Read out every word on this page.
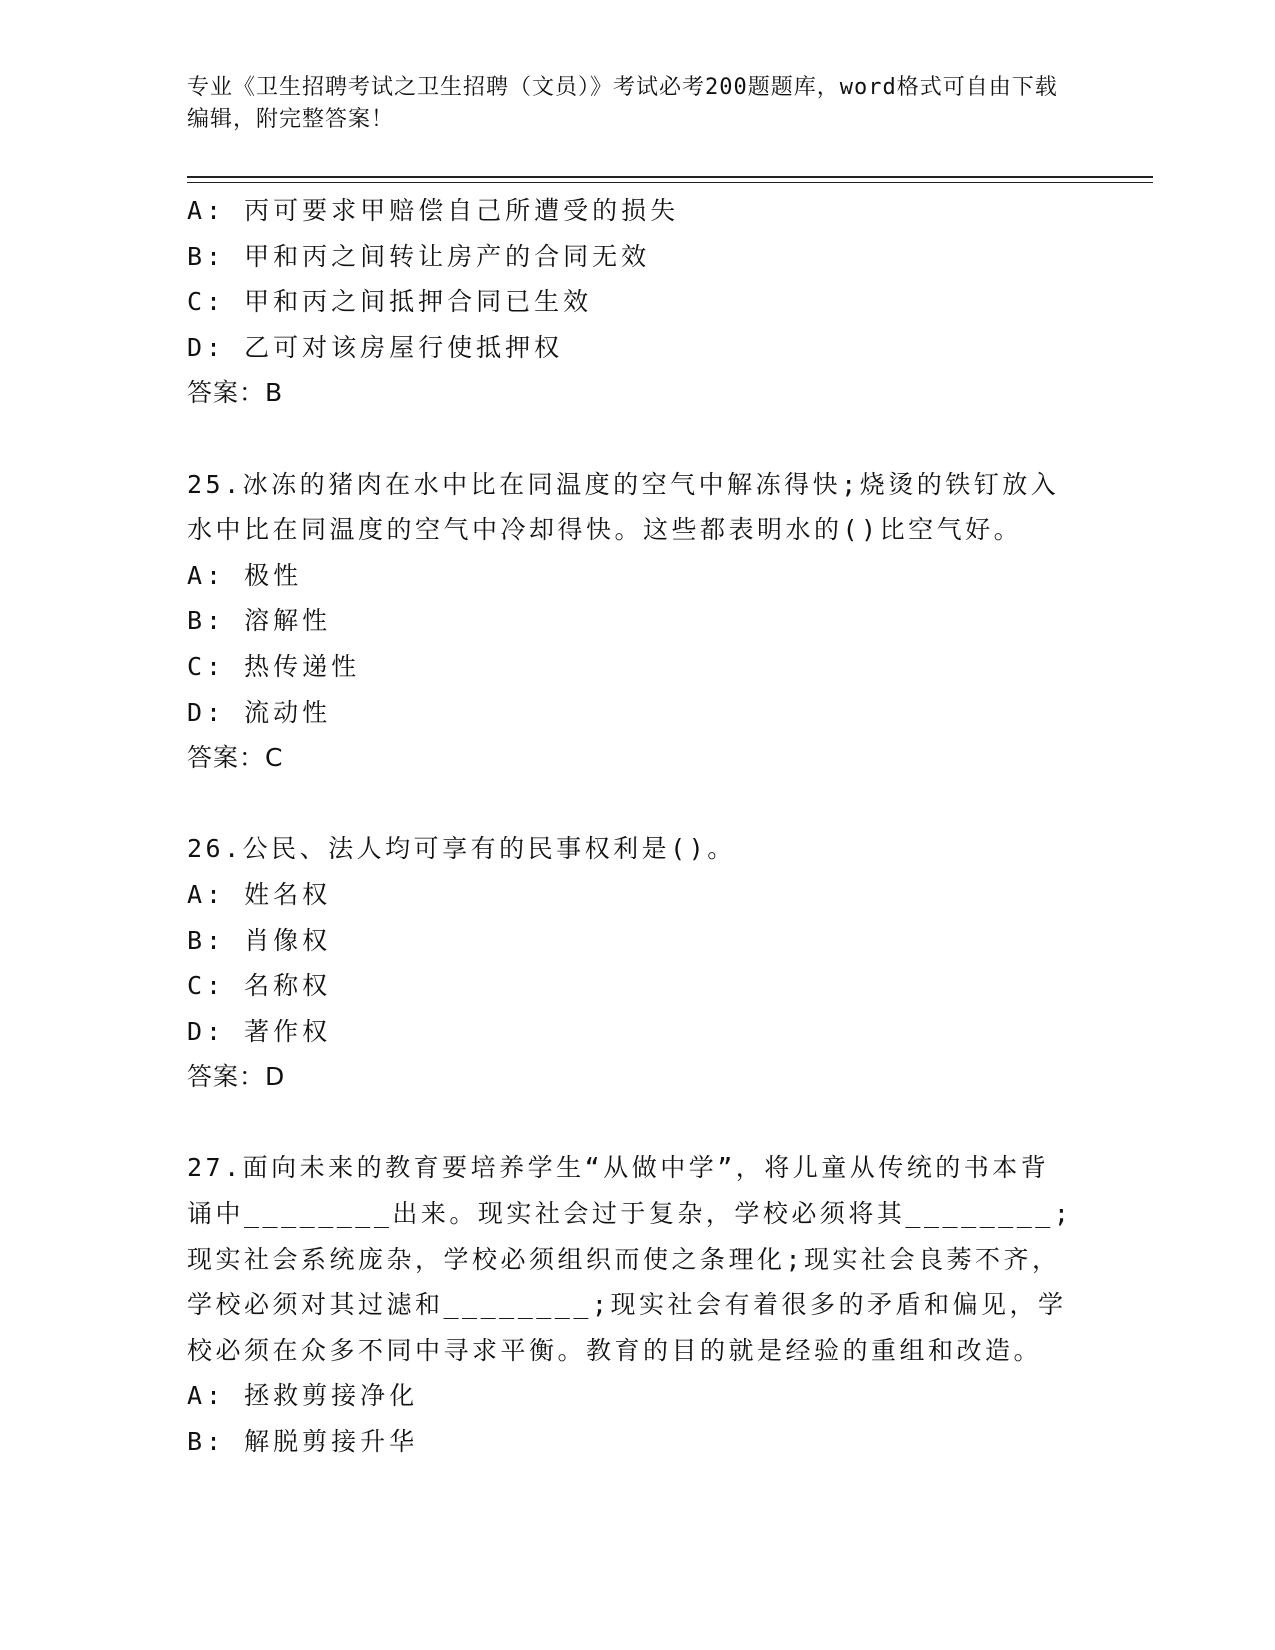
专业《卫生招聘考试之卫生招聘（文员）》考试必考200题题库，word格式可自由下载编辑，附完整答案！
A: 丙可要求甲赔偿自己所遭受的损失
B: 甲和丙之间转让房产的合同无效
C: 甲和丙之间抵押合同已生效
D: 乙可对该房屋行使抵押权
答案：B
25.冰冻的猪肉在水中比在同温度的空气中解冻得快;烧烫的铁钉放入水中比在同温度的空气中冷却得快。这些都表明水的()比空气好。
A: 极性
B: 溶解性
C: 热传递性
D: 流动性
答案：C
26.公民、法人均可享有的民事权利是()。
A: 姓名权
B: 肖像权
C: 名称权
D: 著作权
答案：D
27.面向未来的教育要培养学生“从做中学”，将儿童从传统的书本背诵中________出来。现实社会过于复杂，学校必须将其________;现实社会系统庞杂，学校必须组织而使之条理化;现实社会良莠不齐，学校必须对其过滤和________;现实社会有着很多的矛盾和偏见，学校必须在众多不同中寻求平衡。教育的目的就是经验的重组和改造。
A: 拯救剪接净化
B: 解脱剪接升华
